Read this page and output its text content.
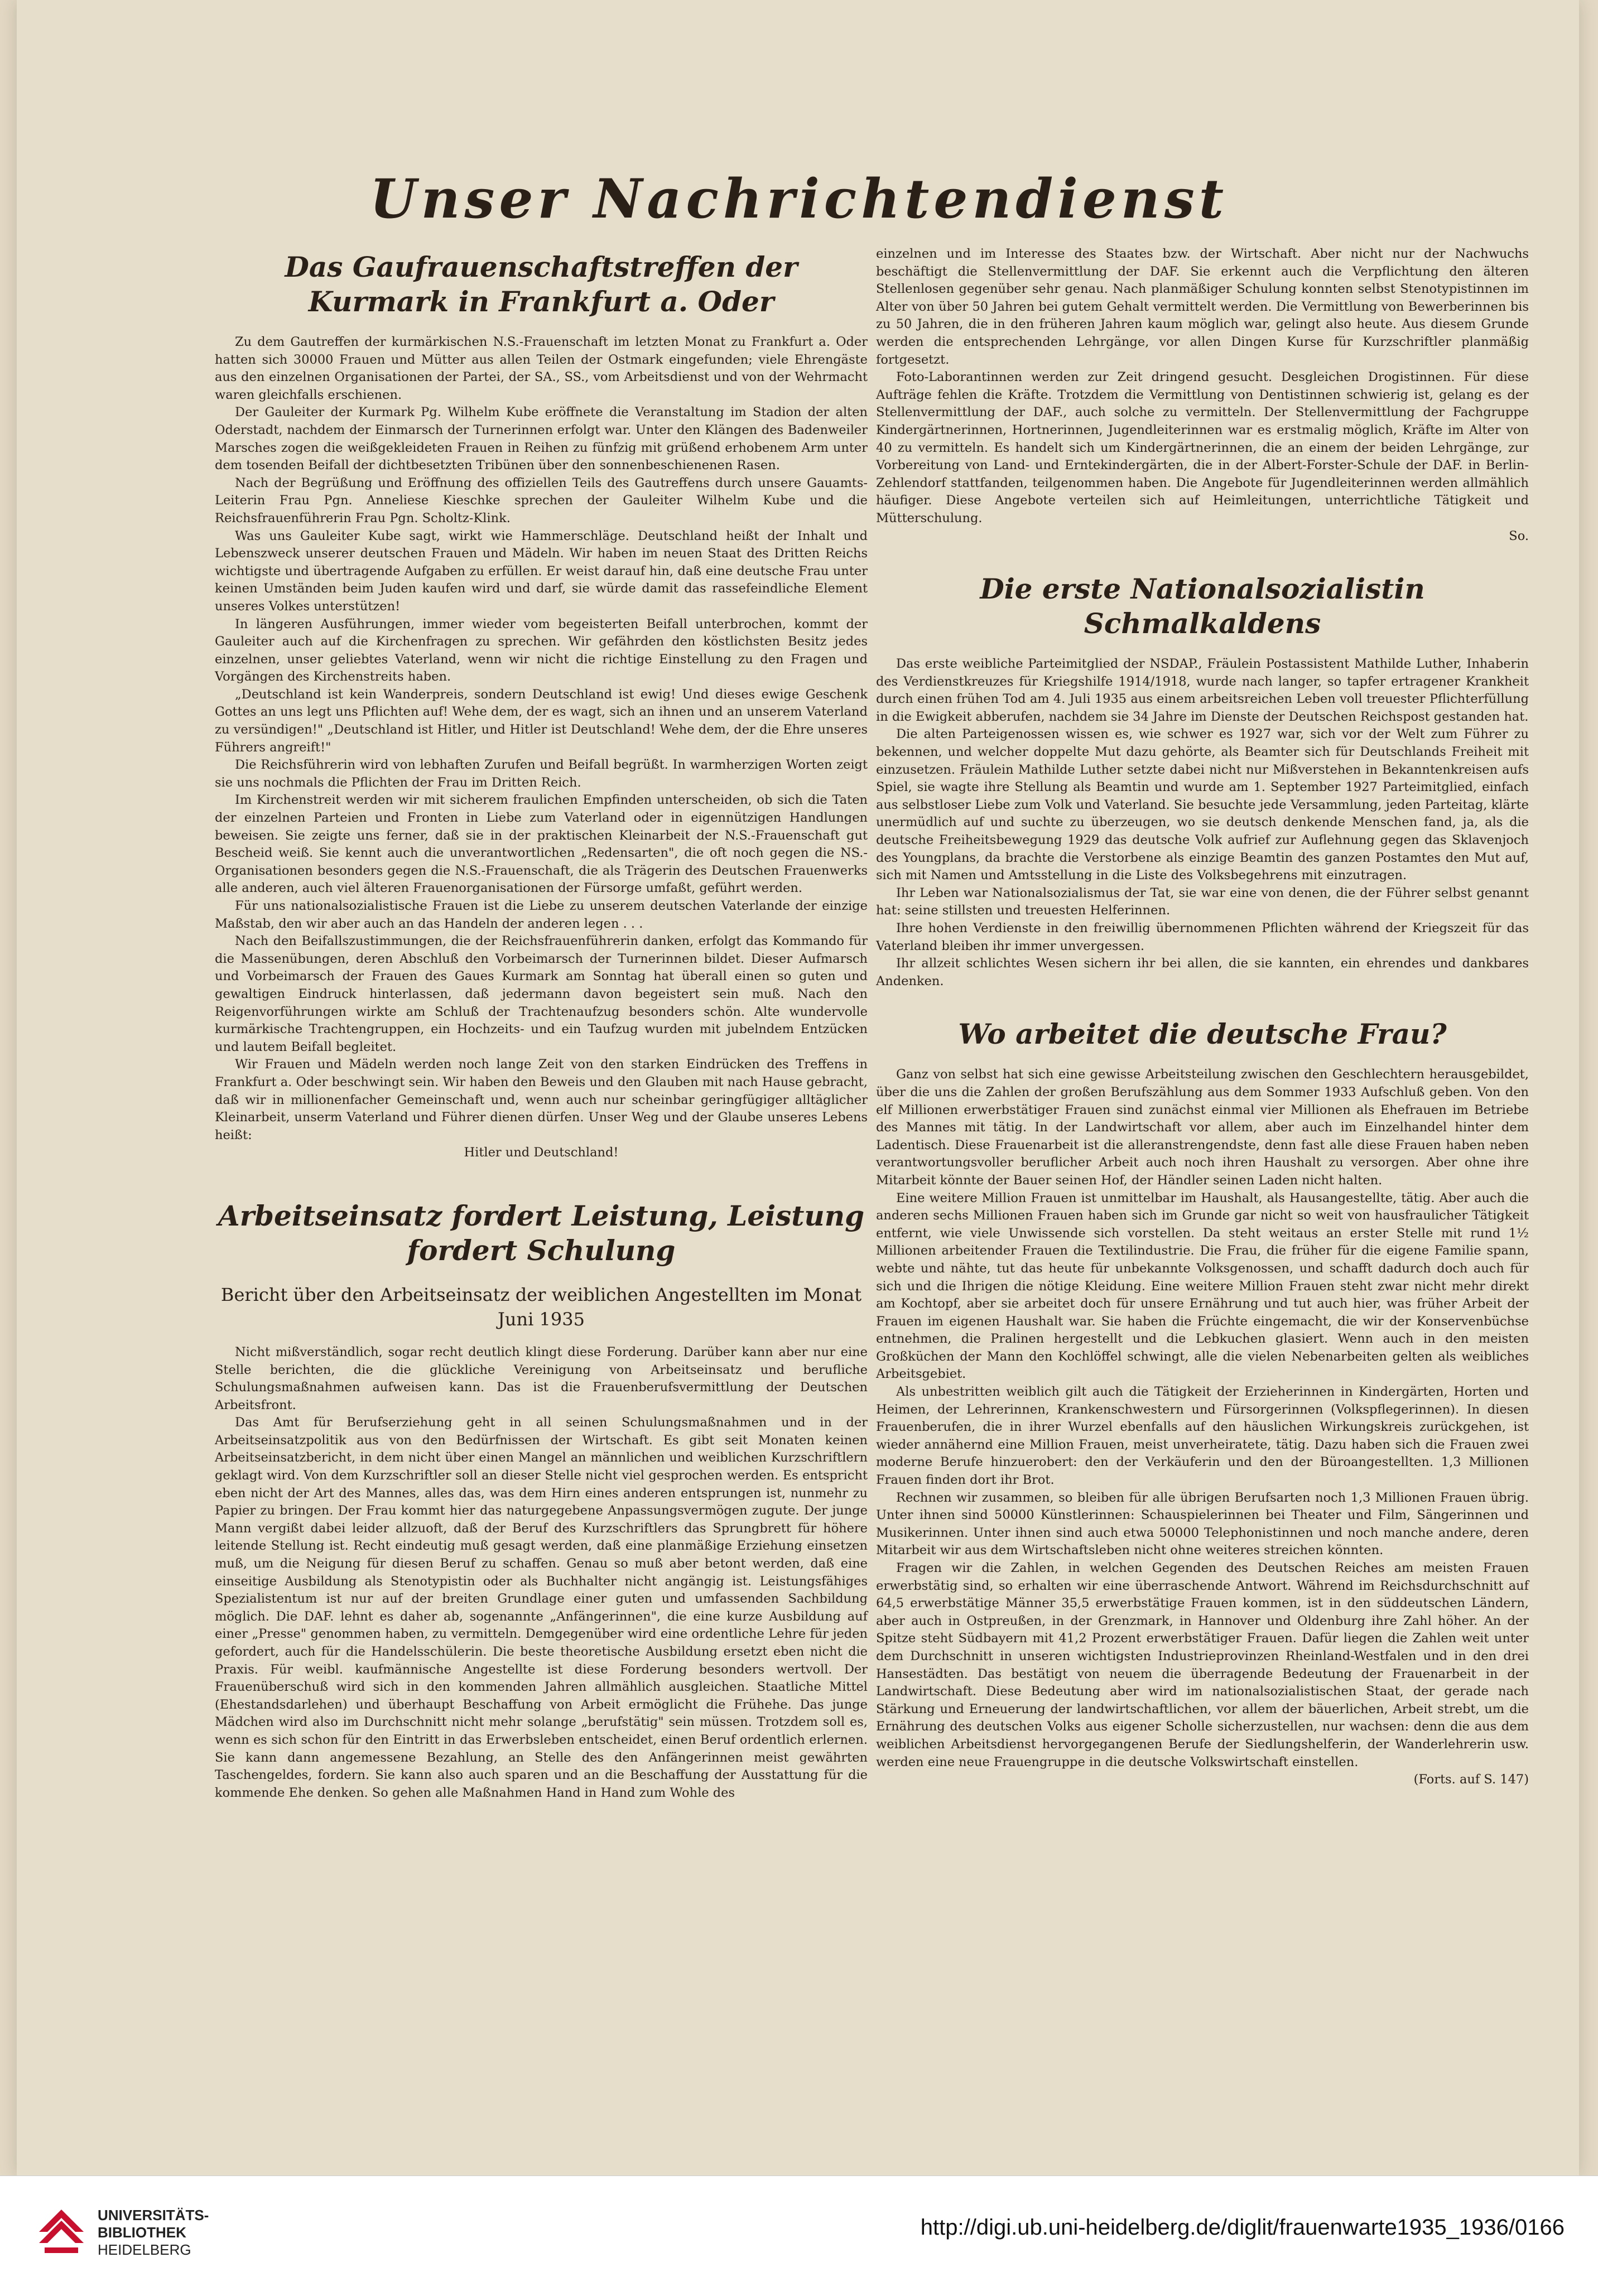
Unser Nachrichtendienst
Das Gaufrauenschaftstreffen der Kurmark in Frankfurt a. Oder

Zu dem Gautreffen der kurmärkischen N.S.-Frauenschaft im letzten Monat zu Frankfurt a. Oder hatten sich 30000 Frauen und Mütter aus allen Teilen der Ostmark eingefunden; viele Ehrengäste aus den einzelnen Organisationen der Partei, der SA., SS., vom Arbeitsdienst und von der Wehrmacht waren gleichfalls erschienen.

Der Gauleiter der Kurmark Pg. Wilhelm Kube eröffnete die Veranstaltung im Stadion der alten Oderstadt, nachdem der Einmarsch der Turnerinnen erfolgt war. Unter den Klängen des Badenweiler Marsches zogen die weißgekleideten Frauen in Reihen zu fünfzig mit grüßend erhobenem Arm unter dem tosenden Beifall der dichtbesetzten Tribünen über den sonnenbeschienenen Rasen.

Nach der Begrüßung und Eröffnung des offiziellen Teils des Gautreffens durch unsere Gauamts-Leiterin Frau Pgn. Anneliese Kieschke sprechen der Gauleiter Wilhelm Kube und die Reichsfrauenführerin Frau Pgn. Scholtz-Klink.

Was uns Gauleiter Kube sagt, wirkt wie Hammerschläge. Deutschland heißt der Inhalt und Lebenszweck unserer deutschen Frauen und Mädeln. Wir haben im neuen Staat des Dritten Reichs wichtigste und übertragende Aufgaben zu erfüllen. Er weist darauf hin, daß eine deutsche Frau unter keinen Umständen beim Juden kaufen wird und darf, sie würde damit das rassefeindliche Element unseres Volkes unterstützen!

In längeren Ausführungen, immer wieder vom begeisterten Beifall unterbrochen, kommt der Gauleiter auch auf die Kirchenfragen zu sprechen. Wir gefährden den köstlichsten Besitz jedes einzelnen, unser geliebtes Vaterland, wenn wir nicht die richtige Einstellung zu den Fragen und Vorgängen des Kirchenstreits haben.

„Deutschland ist kein Wanderpreis, sondern Deutschland ist ewig! Und dieses ewige Geschenk Gottes an uns legt uns Pflichten auf! Wehe dem, der es wagt, sich an ihnen und an unserem Vaterland zu versündigen!" „Deutschland ist Hitler, und Hitler ist Deutschland! Wehe dem, der die Ehre unseres Führers angreift!"

Die Reichsführerin wird von lebhaften Zurufen und Beifall begrüßt. In warmherzigen Worten zeigt sie uns nochmals die Pflichten der Frau im Dritten Reich.

Im Kirchenstreit werden wir mit sicherem fraulichen Empfinden unterscheiden, ob sich die Taten der einzelnen Parteien und Fronten in Liebe zum Vaterland oder in eigennützigen Handlungen beweisen. Sie zeigte uns ferner, daß sie in der praktischen Kleinarbeit der N.S.-Frauenschaft gut Bescheid weiß. Sie kennt auch die unverantwortlichen „Redensarten", die oft noch gegen die NS.-Organisationen besonders gegen die N.S.-Frauenschaft, die als Trägerin des Deutschen Frauenwerks alle anderen, auch viel älteren Frauenorganisationen der Fürsorge umfaßt, geführt werden.

Für uns nationalsozialistische Frauen ist die Liebe zu unserem deutschen Vaterlande der einzige Maßstab, den wir aber auch an das Handeln der anderen legen . . .

Nach den Beifallszustimmungen, die der Reichsfrauenführerin danken, erfolgt das Kommando für die Massenübungen, deren Abschluß den Vorbeimarsch der Turnerinnen bildet. Dieser Aufmarsch und Vorbeimarsch der Frauen des Gaues Kurmark am Sonntag hat überall einen so guten und gewaltigen Eindruck hinterlassen, daß jedermann davon begeistert sein muß. Nach den Reigenvorführungen wirkte am Schluß der Trachtenaufzug besonders schön. Alte wundervolle kurmärkische Trachtengruppen, ein Hochzeits- und ein Taufzug wurden mit jubelndem Entzücken und lautem Beifall begleitet.

Wir Frauen und Mädeln werden noch lange Zeit von den starken Eindrücken des Treffens in Frankfurt a. Oder beschwingt sein. Wir haben den Beweis und den Glauben mit nach Hause gebracht, daß wir in millionenfacher Gemeinschaft und, wenn auch nur scheinbar geringfügiger alltäglicher Kleinarbeit, unserm Vaterland und Führer dienen dürfen. Unser Weg und der Glaube unseres Lebens heißt:

Hitler und Deutschland!

Arbeitseinsatz fordert Leistung, Leistung fordert Schulung
Bericht über den Arbeitseinsatz der weiblichen Angestellten im Monat Juni 1935

Nicht mißverständlich, sogar recht deutlich klingt diese Forderung. Darüber kann aber nur eine Stelle berichten, die die glückliche Vereinigung von Arbeitseinsatz und berufliche Schulungsmaßnahmen aufweisen kann. Das ist die Frauenberufsvermittlung der Deutschen Arbeitsfront.

Das Amt für Berufserziehung geht in all seinen Schulungsmaßnahmen und in der Arbeitseinsatzpolitik aus von den Bedürfnissen der Wirtschaft. Es gibt seit Monaten keinen Arbeitseinsatzbericht, in dem nicht über einen Mangel an männlichen und weiblichen Kurzschriftlern geklagt wird. Von dem Kurzschriftler soll an dieser Stelle nicht viel gesprochen werden. Es entspricht eben nicht der Art des Mannes, alles das, was dem Hirn eines anderen entsprungen ist, nunmehr zu Papier zu bringen. Der Frau kommt hier das naturgegebene Anpassungsvermögen zugute. Der junge Mann vergißt dabei leider allzuoft, daß der Beruf des Kurzschriftlers das Sprungbrett für höhere leitende Stellung ist. Recht eindeutig muß gesagt werden, daß eine planmäßige Erziehung einsetzen muß, um die Neigung für diesen Beruf zu schaffen. Genau so muß aber betont werden, daß eine einseitige Ausbildung als Stenotypistin oder als Buchhalter nicht angängig ist. Leistungsfähiges Spezialistentum ist nur auf der breiten Grundlage einer guten und umfassenden Sachbildung möglich. Die DAF. lehnt es daher ab, sogenannte „Anfängerinnen", die eine kurze Ausbildung auf einer „Presse" genommen haben, zu vermitteln. Demgegenüber wird eine ordentliche Lehre für jeden gefordert, auch für die Handelsschülerin. Die beste theoretische Ausbildung ersetzt eben nicht die Praxis. Für weibl. kaufmännische Angestellte ist diese Forderung besonders wertvoll. Der Frauenüberschuß wird sich in den kommenden Jahren allmählich ausgleichen. Staatliche Mittel (Ehestandsdarlehen) und überhaupt Beschaffung von Arbeit ermöglicht die Frühehe. Das junge Mädchen wird also im Durchschnitt nicht mehr solange „berufstätig" sein müssen. Trotzdem soll es, wenn es sich schon für den Eintritt in das Erwerbsleben entscheidet, einen Beruf ordentlich erlernen. Sie kann dann angemessene Bezahlung, an Stelle des den Anfängerinnen meist gewährten Taschengeldes, fordern. Sie kann also auch sparen und an die Beschaffung der Ausstattung für die kommende Ehe denken. So gehen alle Maßnahmen Hand in Hand zum Wohle des

einzelnen und im Interesse des Staates bzw. der Wirtschaft. Aber nicht nur der Nachwuchs beschäftigt die Stellenvermittlung der DAF. Sie erkennt auch die Verpflichtung den älteren Stellenlosen gegenüber sehr genau. Nach planmäßiger Schulung konnten selbst Stenotypistinnen im Alter von über 50 Jahren bei gutem Gehalt vermittelt werden. Die Vermittlung von Bewerberinnen bis zu 50 Jahren, die in den früheren Jahren kaum möglich war, gelingt also heute. Aus diesem Grunde werden die entsprechenden Lehrgänge, vor allen Dingen Kurse für Kurzschriftler planmäßig fortgesetzt.

Foto-Laborantinnen werden zur Zeit dringend gesucht. Desgleichen Drogistinnen. Für diese Aufträge fehlen die Kräfte. Trotzdem die Vermittlung von Dentistinnen schwierig ist, gelang es der Stellenvermittlung der DAF., auch solche zu vermitteln. Der Stellenvermittlung der Fachgruppe Kindergärtnerinnen, Hortnerinnen, Jugendleiterinnen war es erstmalig möglich, Kräfte im Alter von 40 zu vermitteln. Es handelt sich um Kindergärtnerinnen, die an einem der beiden Lehrgänge, zur Vorbereitung von Land- und Erntekindergärten, die in der Albert-Forster-Schule der DAF. in Berlin-Zehlendorf stattfanden, teilgenommen haben. Die Angebote für Jugendleiterinnen werden allmählich häufiger. Diese Angebote verteilen sich auf Heimleitungen, unterrichtliche Tätigkeit und Mütterschulung.

So.

Die erste Nationalsozialistin Schmalkaldens

Das erste weibliche Parteimitglied der NSDAP., Fräulein Postassistent Mathilde Luther, Inhaberin des Verdienstkreuzes für Kriegshilfe 1914/1918, wurde nach langer, so tapfer ertragener Krankheit durch einen frühen Tod am 4. Juli 1935 aus einem arbeitsreichen Leben voll treuester Pflichterfüllung in die Ewigkeit abberufen, nachdem sie 34 Jahre im Dienste der Deutschen Reichspost gestanden hat.

Die alten Parteigenossen wissen es, wie schwer es 1927 war, sich vor der Welt zum Führer zu bekennen, und welcher doppelte Mut dazu gehörte, als Beamter sich für Deutschlands Freiheit mit einzusetzen. Fräulein Mathilde Luther setzte dabei nicht nur Mißverstehen in Bekanntenkreisen aufs Spiel, sie wagte ihre Stellung als Beamtin und wurde am 1. September 1927 Parteimitglied, einfach aus selbstloser Liebe zum Volk und Vaterland. Sie besuchte jede Versammlung, jeden Parteitag, klärte unermüdlich auf und suchte zu überzeugen, wo sie deutsch denkende Menschen fand, ja, als die deutsche Freiheitsbewegung 1929 das deutsche Volk aufrief zur Auflehnung gegen das Sklavenjoch des Youngplans, da brachte die Verstorbene als einzige Beamtin des ganzen Postamtes den Mut auf, sich mit Namen und Amtsstellung in die Liste des Volksbegehrens mit einzutragen.

Ihr Leben war Nationalsozialismus der Tat, sie war eine von denen, die der Führer selbst genannt hat: seine stillsten und treuesten Helferinnen.

Ihre hohen Verdienste in den freiwillig übernommenen Pflichten während der Kriegszeit für das Vaterland bleiben ihr immer unvergessen.

Ihr allzeit schlichtes Wesen sichern ihr bei allen, die sie kannten, ein ehrendes und dankbares Andenken.

Wo arbeitet die deutsche Frau?

Ganz von selbst hat sich eine gewisse Arbeitsteilung zwischen den Geschlechtern herausgebildet, über die uns die Zahlen der großen Berufszählung aus dem Sommer 1933 Aufschluß geben. Von den elf Millionen erwerbstätiger Frauen sind zunächst einmal vier Millionen als Ehefrauen im Betriebe des Mannes mit tätig. In der Landwirtschaft vor allem, aber auch im Einzelhandel hinter dem Ladentisch. Diese Frauenarbeit ist die alleranstrengendste, denn fast alle diese Frauen haben neben verantwortungsvoller beruflicher Arbeit auch noch ihren Haushalt zu versorgen. Aber ohne ihre Mitarbeit könnte der Bauer seinen Hof, der Händler seinen Laden nicht halten.

Eine weitere Million Frauen ist unmittelbar im Haushalt, als Hausangestellte, tätig. Aber auch die anderen sechs Millionen Frauen haben sich im Grunde gar nicht so weit von hausfraulicher Tätigkeit entfernt, wie viele Unwissende sich vorstellen. Da steht weitaus an erster Stelle mit rund 1½ Millionen arbeitender Frauen die Textilindustrie. Die Frau, die früher für die eigene Familie spann, webte und nähte, tut das heute für unbekannte Volksgenossen, und schafft dadurch doch auch für sich und die Ihrigen die nötige Kleidung. Eine weitere Million Frauen steht zwar nicht mehr direkt am Kochtopf, aber sie arbeitet doch für unsere Ernährung und tut auch hier, was früher Arbeit der Frauen im eigenen Haushalt war. Sie haben die Früchte eingemacht, die wir der Konservenbüchse entnehmen, die Pralinen hergestellt und die Lebkuchen glasiert. Wenn auch in den meisten Großküchen der Mann den Kochlöffel schwingt, alle die vielen Nebenarbeiten gelten als weibliches Arbeitsgebiet.

Als unbestritten weiblich gilt auch die Tätigkeit der Erzieherinnen in Kindergärten, Horten und Heimen, der Lehrerinnen, Krankenschwestern und Fürsorgerinnen (Volkspflegerinnen). In diesen Frauenberufen, die in ihrer Wurzel ebenfalls auf den häuslichen Wirkungskreis zurückgehen, ist wieder annähernd eine Million Frauen, meist unverheiratete, tätig. Dazu haben sich die Frauen zwei moderne Berufe hinzuerobert: den der Verkäuferin und den der Büroangestellten. 1,3 Millionen Frauen finden dort ihr Brot.

Rechnen wir zusammen, so bleiben für alle übrigen Berufsarten noch 1,3 Millionen Frauen übrig. Unter ihnen sind 50000 Künstlerinnen: Schauspielerinnen bei Theater und Film, Sängerinnen und Musikerinnen. Unter ihnen sind auch etwa 50000 Telephonistinnen und noch manche andere, deren Mitarbeit wir aus dem Wirtschaftsleben nicht ohne weiteres streichen könnten.

Fragen wir die Zahlen, in welchen Gegenden des Deutschen Reiches am meisten Frauen erwerbstätig sind, so erhalten wir eine überraschende Antwort. Während im Reichsdurchschnitt auf 64,5 erwerbstätige Männer 35,5 erwerbstätige Frauen kommen, ist in den süddeutschen Ländern, aber auch in Ostpreußen, in der Grenzmark, in Hannover und Oldenburg ihre Zahl höher. An der Spitze steht Südbayern mit 41,2 Prozent erwerbstätiger Frauen. Dafür liegen die Zahlen weit unter dem Durchschnitt in unseren wichtigsten Industrieprovinzen Rheinland-Westfalen und in den drei Hansestädten. Das bestätigt von neuem die überragende Bedeutung der Frauenarbeit in der Landwirtschaft. Diese Bedeutung aber wird im nationalsozialistischen Staat, der gerade nach Stärkung und Erneuerung der landwirtschaftlichen, vor allem der bäuerlichen, Arbeit strebt, um die Ernährung des deutschen Volks aus eigener Scholle sicherzustellen, nur wachsen: denn die aus dem weiblichen Arbeitsdienst hervorgegangenen Berufe der Siedlungshelferin, der Wanderlehrerin usw. werden eine neue Frauengruppe in die deutsche Volkswirtschaft einstellen.

(Forts. auf S. 147)

UNIVERSITÄTS-
BIBLIOTHEK
HEIDELBERG
http://digi.ub.uni-heidelberg.de/diglit/frauenwarte1935_1936/0166
